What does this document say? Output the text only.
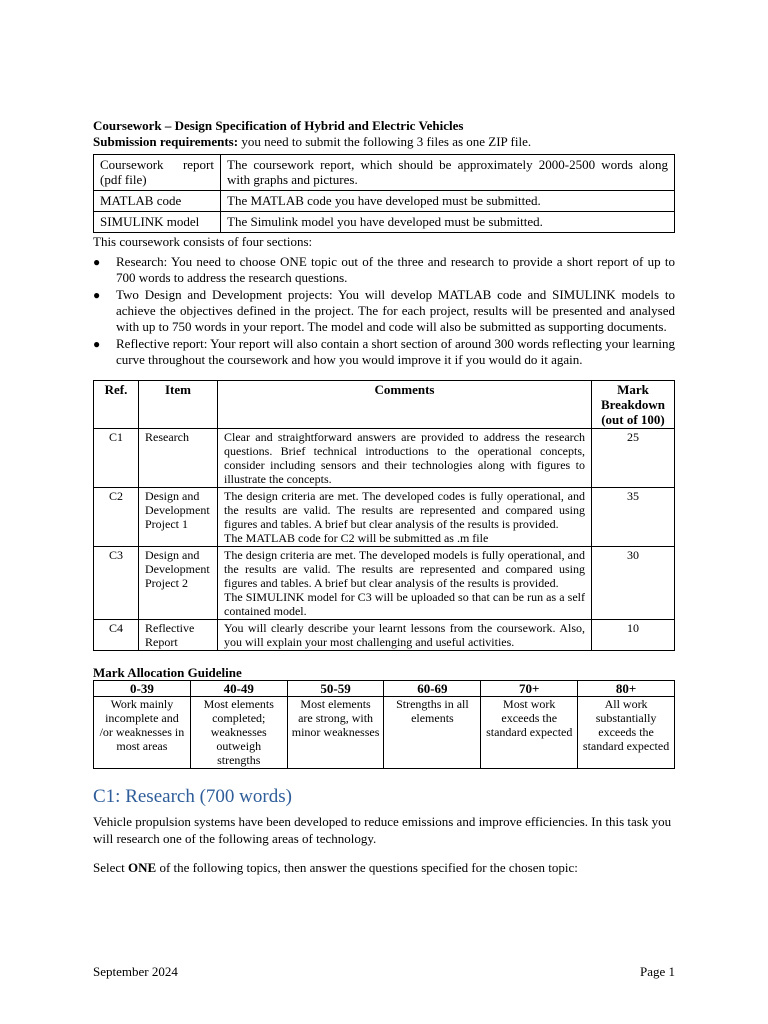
Coursework – Design Specification of Hybrid and Electric Vehicles

Submission requirements: you need to submit the following 3 files as one ZIP file.

Coursework report (pdf file)	The coursework report, which should be approximately 2000-2500 words along with graphs and pictures.
MATLAB code	The MATLAB code you have developed must be submitted.
SIMULINK model	The Simulink model you have developed must be submitted.

This coursework consists of four sections:

● Research: You need to choose ONE topic out of the three and research to provide a short report of up to 700 words to address the research questions.
● Two Design and Development projects: You will develop MATLAB code and SIMULINK models to achieve the objectives defined in the project. The for each project, results will be presented and analysed with up to 750 words in your report. The model and code will also be submitted as supporting documents.
● Reflective report: Your report will also contain a short section of around 300 words reflecting your learning curve throughout the coursework and how you would improve it if you would do it again.
Ref.	Item	Comments	Mark Breakdown (out of 100)
C1	Research	Clear and straightforward answers are provided to address the research questions. Brief technical introductions to the operational concepts, consider including sensors and their technologies along with figures to illustrate the concepts.	25
C2	Design and Development Project 1	The design criteria are met. The developed codes is fully operational, and the results are valid. The results are represented and compared using figures and tables. A brief but clear analysis of the results is provided.
The MATLAB code for C2 will be submitted as .m file	35
C3	Design and Development Project 2	The design criteria are met. The developed models is fully operational, and the results are valid. The results are represented and compared using figures and tables. A brief but clear analysis of the results is provided.
The SIMULINK model for C3 will be uploaded so that can be run as a self contained model.	30
C4	Reflective Report	You will clearly describe your learnt lessons from the coursework. Also, you will explain your most challenging and useful activities.	10

Mark Allocation Guideline

0-39	40-49	50-59	60-69	70+	80+
Work mainly incomplete and /or weaknesses in most areas	Most elements completed; weaknesses outweigh strengths	Most elements are strong, with minor weaknesses	Strengths in all elements	Most work exceeds the standard expected	All work substantially exceeds the standard expected
C1: Research (700 words)

Vehicle propulsion systems have been developed to reduce emissions and improve efficiencies. In this task you will research one of the following areas of technology.

Select ONE of the following topics, then answer the questions specified for the chosen topic:

September 2024	Page 1
